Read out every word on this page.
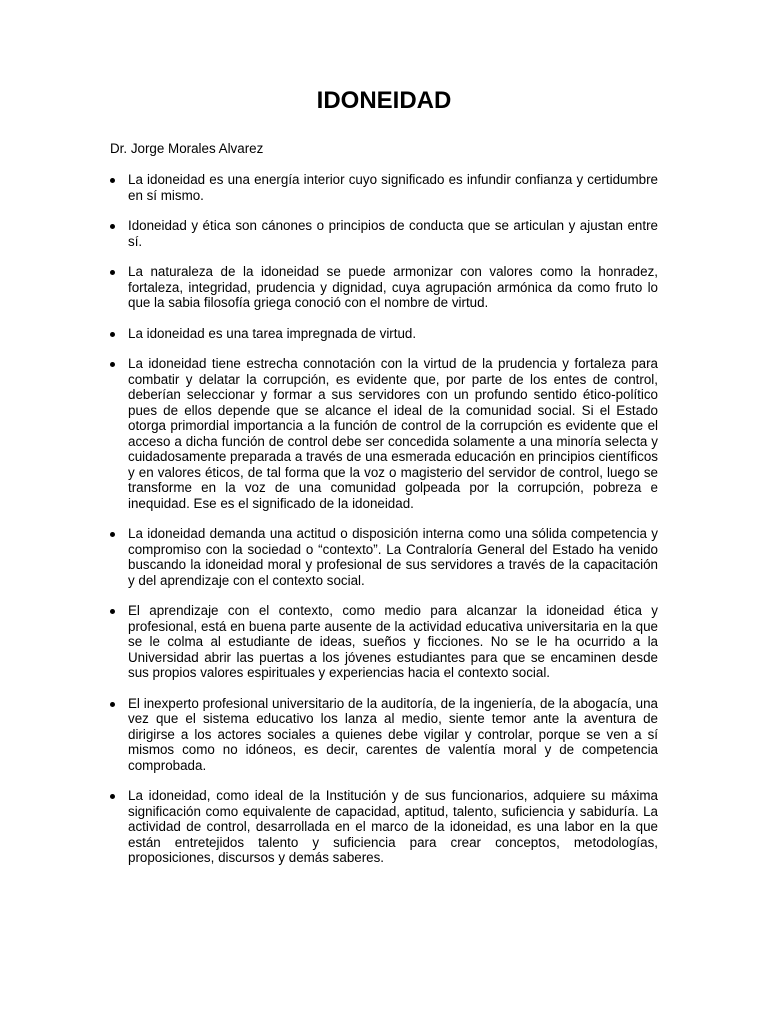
IDONEIDAD

Dr. Jorge Morales Alvarez

La idoneidad es una energía interior cuyo significado es infundir confianza y certidumbre en sí mismo.
Idoneidad y ética son cánones o principios de conducta que se articulan y ajustan entre sí.
La naturaleza de la idoneidad se puede armonizar con valores como la honradez, fortaleza, integridad, prudencia y dignidad, cuya agrupación armónica da como fruto lo que la sabia filosofía griega conoció con el nombre de virtud.
La idoneidad es una tarea impregnada de virtud.
La idoneidad tiene estrecha connotación con la virtud de la prudencia y fortaleza para combatir y delatar la corrupción, es evidente que, por parte de los entes de control, deberían seleccionar y formar a sus servidores con un profundo sentido ético-político pues de ellos depende que se alcance el ideal de la comunidad social. Si el Estado otorga primordial importancia a la función de control de la corrupción es evidente que el acceso a dicha función de control debe ser concedida solamente a una minoría selecta y cuidadosamente preparada a través de una esmerada educación en principios científicos y en valores éticos, de tal forma que la voz o magisterio del servidor de control, luego se transforme en la voz de una comunidad golpeada por la corrupción, pobreza e inequidad. Ese es el significado de la idoneidad.
La idoneidad demanda una actitud o disposición interna como una sólida competencia y compromiso con la sociedad o “contexto”. La Contraloría General del Estado ha venido buscando la idoneidad moral y profesional de sus servidores a través de la capacitación y del aprendizaje con el contexto social.
El aprendizaje con el contexto, como medio para alcanzar la idoneidad ética y profesional, está en buena parte ausente de la actividad educativa universitaria en la que se le colma al estudiante de ideas, sueños y ficciones. No se le ha ocurrido a la Universidad abrir las puertas a los jóvenes estudiantes para que se encaminen desde sus propios valores espirituales y experiencias hacia el contexto social.
El inexperto profesional universitario de la auditoría, de la ingeniería, de la abogacía, una vez que el sistema educativo los lanza al medio, siente temor ante la aventura de dirigirse a los actores sociales a quienes debe vigilar y controlar, porque se ven a sí mismos como no idóneos, es decir, carentes de valentía moral y de competencia comprobada.
La idoneidad, como ideal de la Institución y de sus funcionarios, adquiere su máxima significación como equivalente de capacidad, aptitud, talento, suficiencia y sabiduría. La actividad de control, desarrollada en el marco de la idoneidad, es una labor en la que están entretejidos talento y suficiencia para crear conceptos, metodologías, proposiciones, discursos y demás saberes.
